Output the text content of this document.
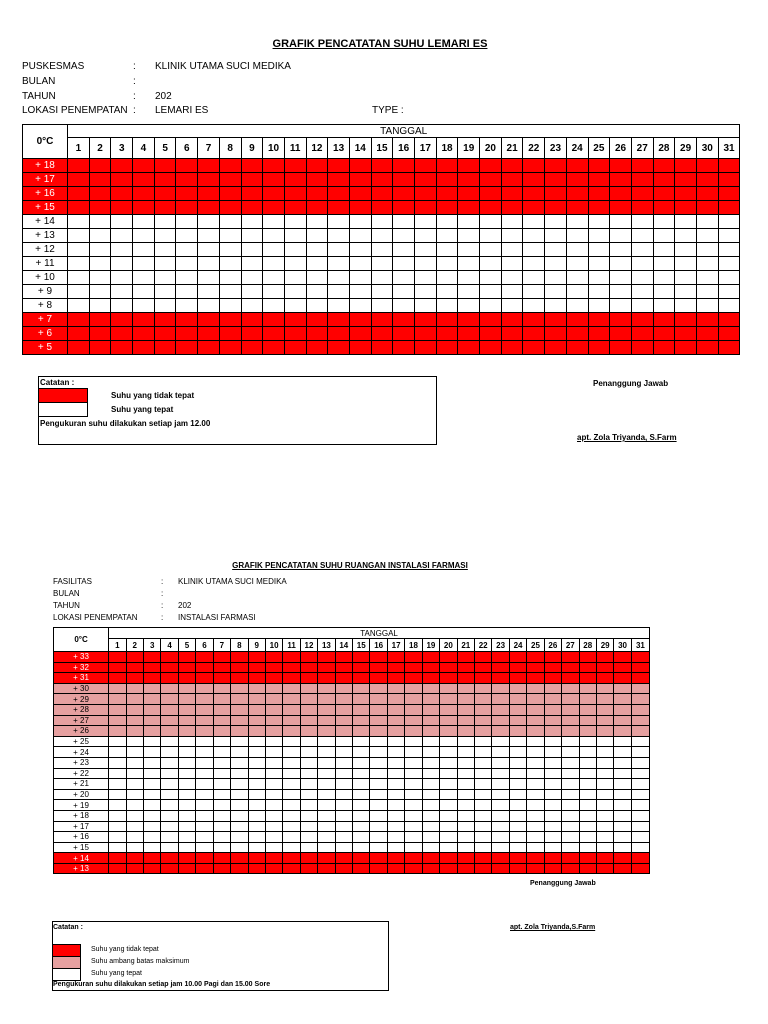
GRAFIK PENCATATAN SUHU LEMARI ES
PUSKESMAS	: KLINIK UTAMA SUCI MEDIKA
BULAN	:
TAHUN	: 202
LOKASI PENEMPATAN : LEMARI ES	TYPE :
0°C	TANGGAL																														
	1	2	3	4	5	6	7	8	9	10	11	12	13	14	15	16	17	18	19	20	21	22	23	24	25	26	27	28	29	30	31
+ 18																															
+ 17																															
+ 16																															
+ 15																															
+ 14																															
+ 13																															
+ 12																															
+ 11																															
+ 10																															
+ 9																															
+ 8																															
+ 7																															
+ 6																															
+ 5																															
Catatan :
Suhu yang tidak tepat
Suhu yang tepat
Pengukuran suhu dilakukan setiap jam 12.00
Penanggung Jawab
apt. Zola Triyanda, S.Farm
GRAFIK PENCATATAN SUHU RUANGAN INSTALASI FARMASI
FASILITAS	: KLINIK UTAMA SUCI MEDIKA
BULAN	:
TAHUN	: 202
LOKASI PENEMPATAN	: INSTALASI FARMASI
0°C	TANGGAL																														
	1	2	3	4	5	6	7	8	9	10	11	12	13	14	15	16	17	18	19	20	21	22	23	24	25	26	27	28	29	30	31
+ 33																															
+ 32																															
+ 31																															
+ 30																															
+ 29																															
+ 28																															
+ 27																															
+ 26																															
+ 25																															
+ 24																															
+ 23																															
+ 22																															
+ 21																															
+ 20																															
+ 19																															
+ 18																															
+ 17																															
+ 16																															
+ 15																															
+ 14																															
+ 13																															
Penanggung Jawab
apt. Zola Triyanda,S.Farm
Catatan :
Suhu yang tidak tepat
Suhu ambang batas maksimum
Suhu yang tepat
Pengukuran suhu dilakukan setiap jam 10.00 Pagi dan 15.00 Sore
